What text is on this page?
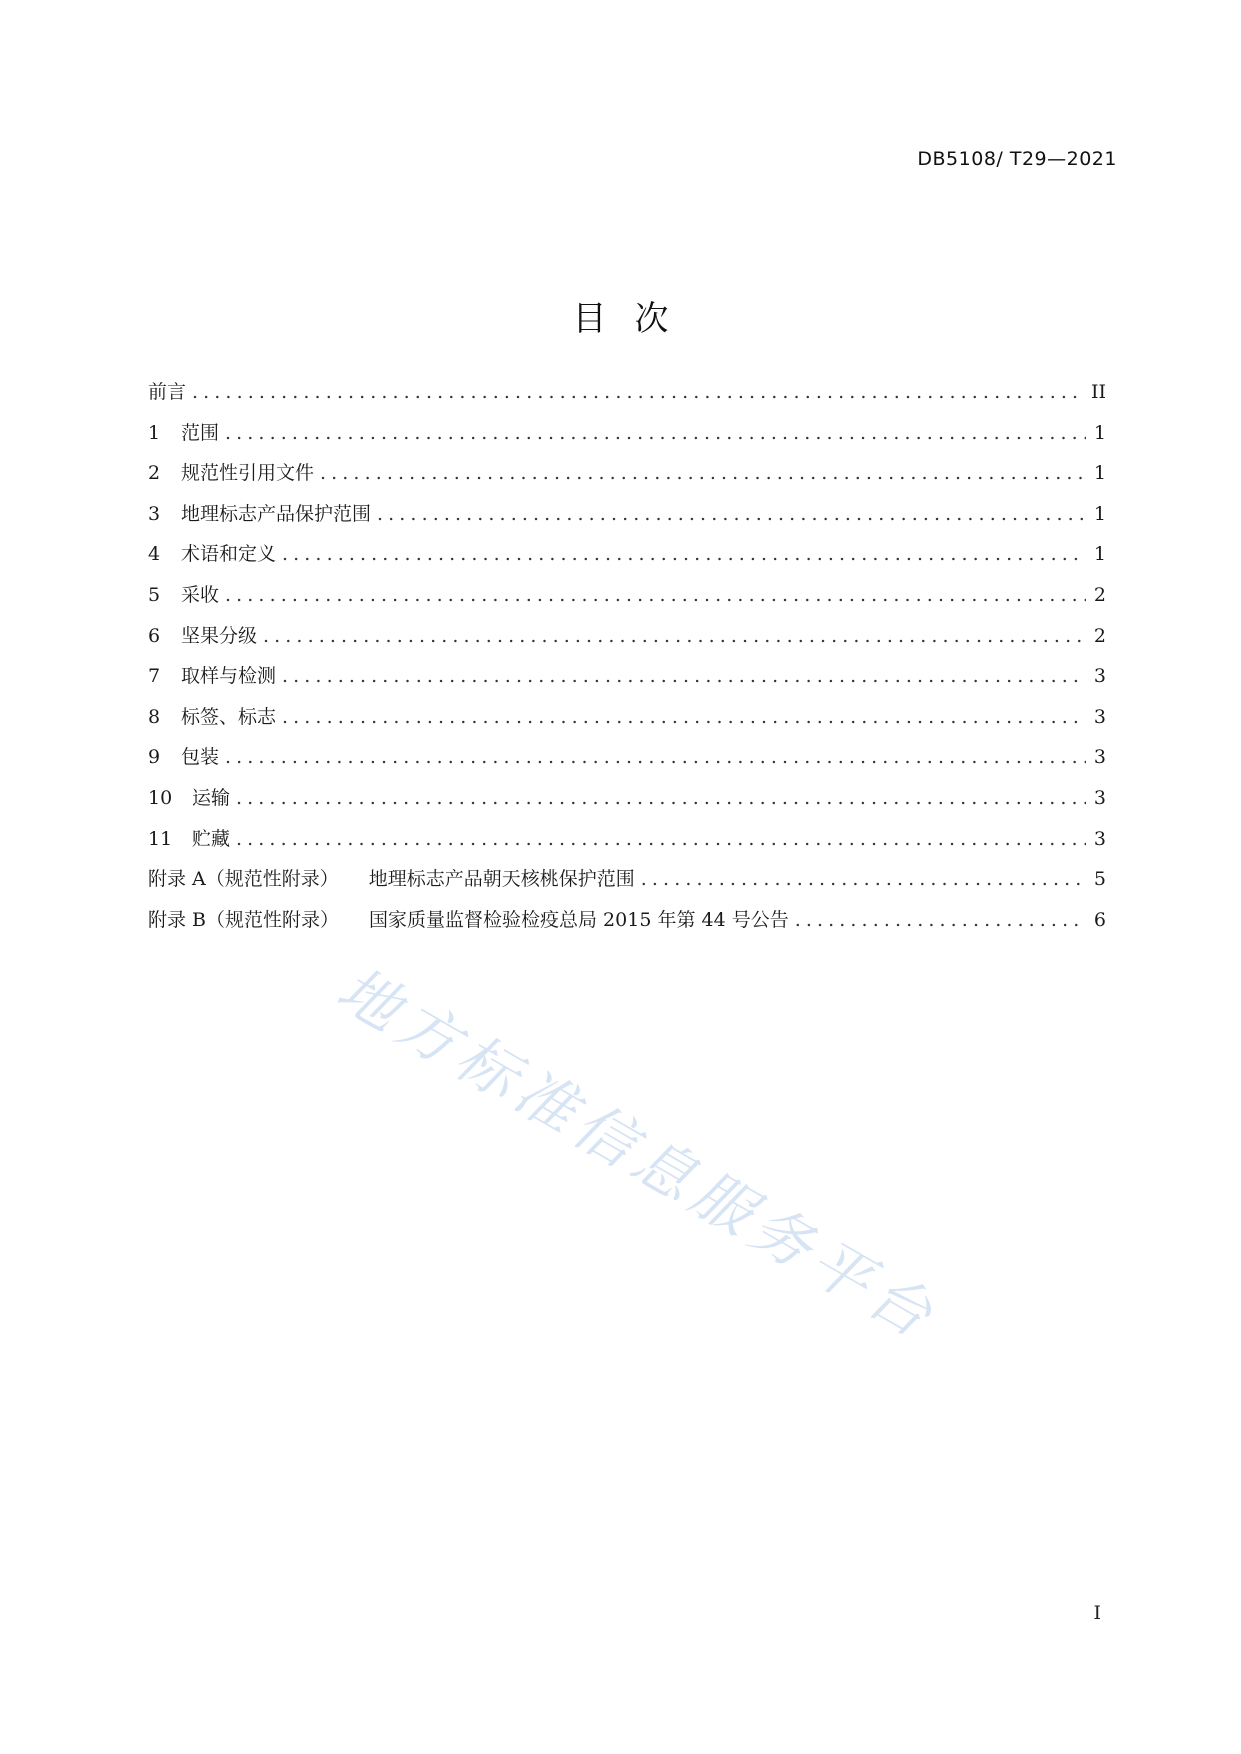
DB5108/ T29—2021
目次
前言 .....	II
1	范围 .....	1
2	规范性引用文件 .....	1
3	地理标志产品保护范围 .....	1
4	术语和定义 .....	1
5	采收 .....	2
6	坚果分级 .....	2
7	取样与检测 .....	3
8	标签、标志 .....	3
9	包装 .....	3
10	运输 .....	3
11	贮藏 .....	3
附录 A（规范性附录） 地理标志产品朝天核桃保护范围 .....	5
附录 B（规范性附录） 国家质量监督检验检疫总局 2015 年第 44 号公告 .....	6
地方标准信息服务平台
I
